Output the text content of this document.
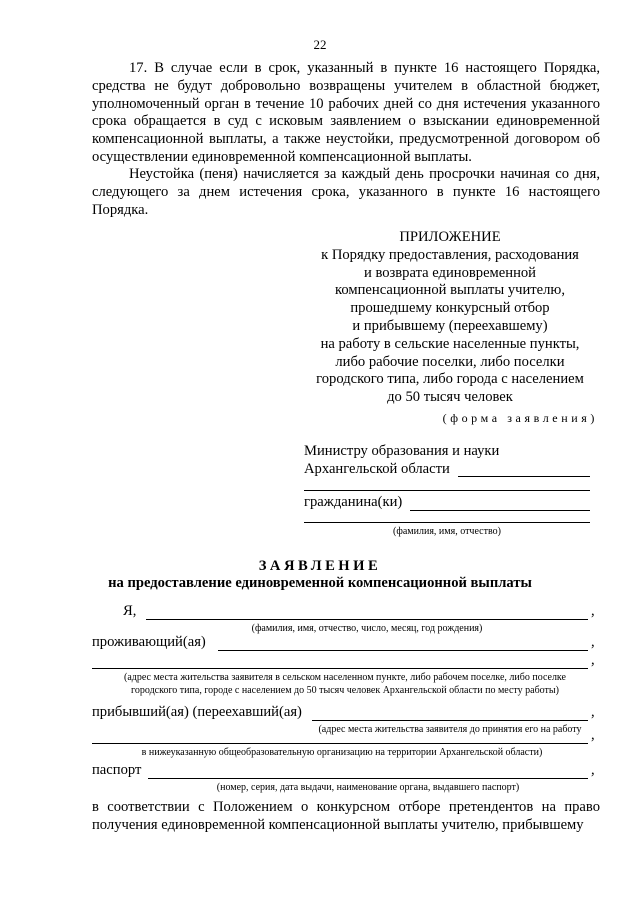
22

17. В случае если в срок, указанный в пункте 16 настоящего Порядка, средства не будут добровольно возвращены учителем в областной бюджет, уполномоченный орган в течение 10 рабочих дней со дня истечения указанного срока обращается в суд с исковым заявлением о взыскании единовременной компенсационной выплаты, а также неустойки, предусмотренной договором об осуществлении единовременной компенсационной выплаты.

Неустойка (пеня) начисляется за каждый день просрочки начиная со дня, следующего за днем истечения срока, указанного в пункте 16 настоящего Порядка.

ПРИЛОЖЕНИЕ
к Порядку предоставления, расходования
и возврата единовременной
компенсационной выплаты учителю,
прошедшему конкурсный отбор
и прибывшему (переехавшему)
на работу в сельские населенные пункты,
либо рабочие поселки, либо поселки
городского типа, либо города с населением
до 50 тысяч человек
(форма заявления)
Министру образования и науки
Архангельской области
гражданина(ки)
(фамилия, имя, отчество)
ЗАЯВЛЕНИЕ
на предоставление единовременной компенсационной выплаты
Я,	,
(фамилия, имя, отчество, число, месяц, год рождения)
проживающий(ая)	,
,
(адрес места жительства заявителя в сельском населенном пункте, либо рабочем поселке, либо поселке городского типа, городе с населением до 50 тысяч человек Архангельской области по месту работы)
прибывший(ая) (переехавший(ая)	,
(адрес места жительства заявителя до принятия его на работу ,
в нижеуказанную общеобразовательную организацию на территории Архангельской области)
паспорт	,
(номер, серия, дата выдачи, наименование органа, выдавшего паспорт)

в соответствии с Положением о конкурсном отборе претендентов на право получения единовременной компенсационной выплаты учителю, прибывшему
